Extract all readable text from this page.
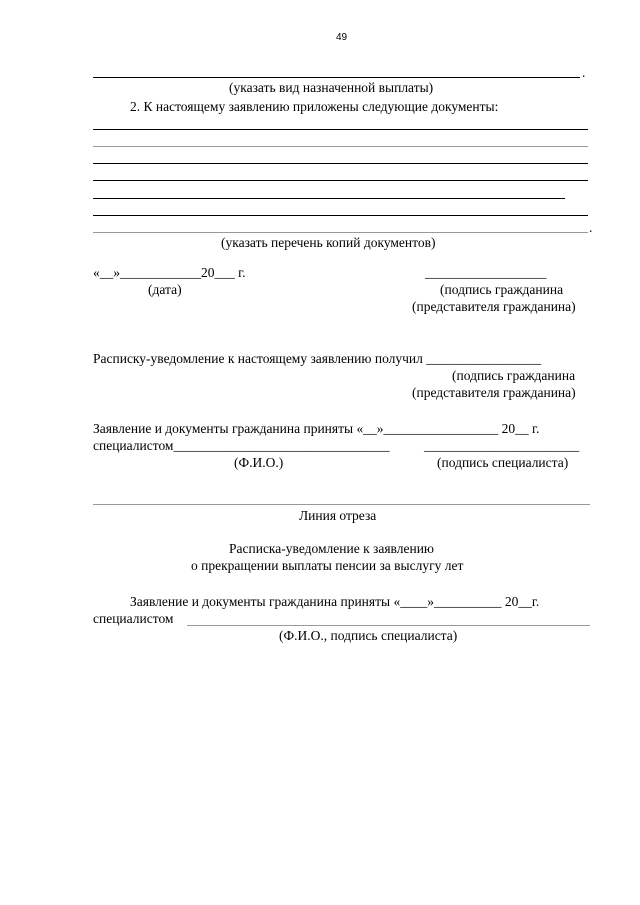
49
.
(указать вид назначенной выплаты)
2. К настоящему заявлению приложены следующие документы:
.
(указать перечень копий документов)
«__»____________20___ г.
(дата)
__________________
(подпись гражданина
(представителя гражданина)
Расписку-уведомление к настоящему заявлению получил _________________
(подпись гражданина
(представителя гражданина)
Заявление и документы гражданина приняты «__»_________________ 20__ г.
специалистом________________________________	_______________________
(Ф.И.О.)	(подпись специалиста)
Линия отреза
Расписка-уведомление к заявлению
о прекращении выплаты пенсии за выслугу лет
Заявление и документы гражданина приняты «____»__________ 20__г.
специалистом
(Ф.И.О., подпись специалиста)
